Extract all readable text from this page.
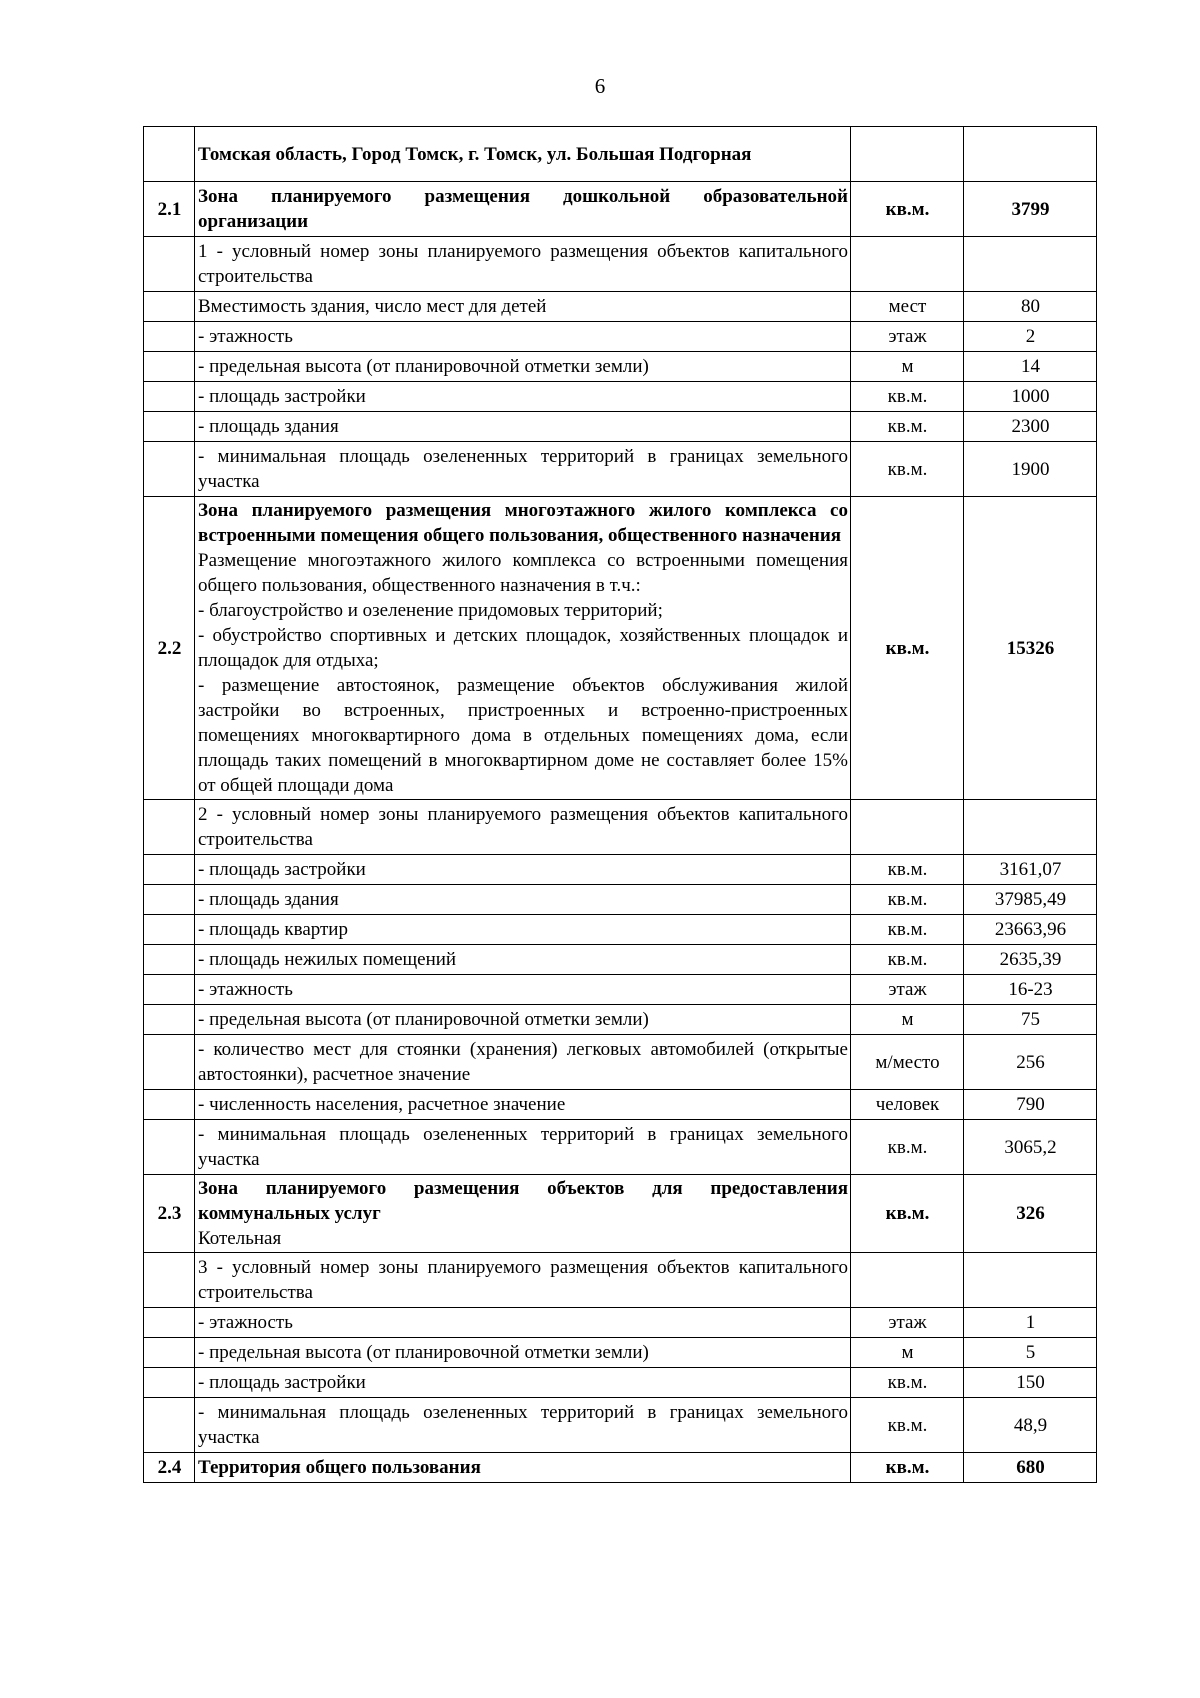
6
	Томская область, Город Томск, г. Томск, ул. Большая Подгорная		
2.1	Зона планируемого размещения дошкольной образовательной организации	кв.м.	3799
	1 - условный номер зоны планируемого размещения объектов капитального строительства		
	Вместимость здания, число мест для детей	мест	80
	- этажность	этаж	2
	- предельная высота (от планировочной отметки земли)	м	14
	- площадь застройки	кв.м.	1000
	- площадь здания	кв.м.	2300
	- минимальная площадь озелененных территорий в границах земельного участка	кв.м.	1900
2.2	Зона планируемого размещения многоэтажного жилого комплекса со встроенными помещения общего пользования, общественного назначения
Размещение многоэтажного жилого комплекса со встроенными помещения общего пользования, общественного назначения в т.ч.:
- благоустройство и озеленение придомовых территорий;
- обустройство спортивных и детских площадок, хозяйственных площадок и площадок для отдыха;
- размещение автостоянок, размещение объектов обслуживания жилой застройки во встроенных, пристроенных и встроенно-пристроенных помещениях многоквартирного дома в отдельных помещениях дома, если площадь таких помещений в многоквартирном доме не составляет более 15% от общей площади дома	кв.м.	15326
	2 - условный номер зоны планируемого размещения объектов капитального строительства		
	- площадь застройки	кв.м.	3161,07
	- площадь здания	кв.м.	37985,49
	- площадь квартир	кв.м.	23663,96
	- площадь нежилых помещений	кв.м.	2635,39
	- этажность	этаж	16-23
	- предельная высота (от планировочной отметки земли)	м	75
	- количество мест для стоянки (хранения) легковых автомобилей (открытые автостоянки), расчетное значение	м/место	256
	- численность населения, расчетное значение	человек	790
	- минимальная площадь озелененных территорий в границах земельного участка	кв.м.	3065,2
2.3	Зона планируемого размещения объектов для предоставления коммунальных услуг
Котельная	кв.м.	326
	3 - условный номер зоны планируемого размещения объектов капитального строительства		
	- этажность	этаж	1
	- предельная высота (от планировочной отметки земли)	м	5
	- площадь застройки	кв.м.	150
	- минимальная площадь озелененных территорий в границах земельного участка	кв.м.	48,9
2.4	Территория общего пользования	кв.м.	680
